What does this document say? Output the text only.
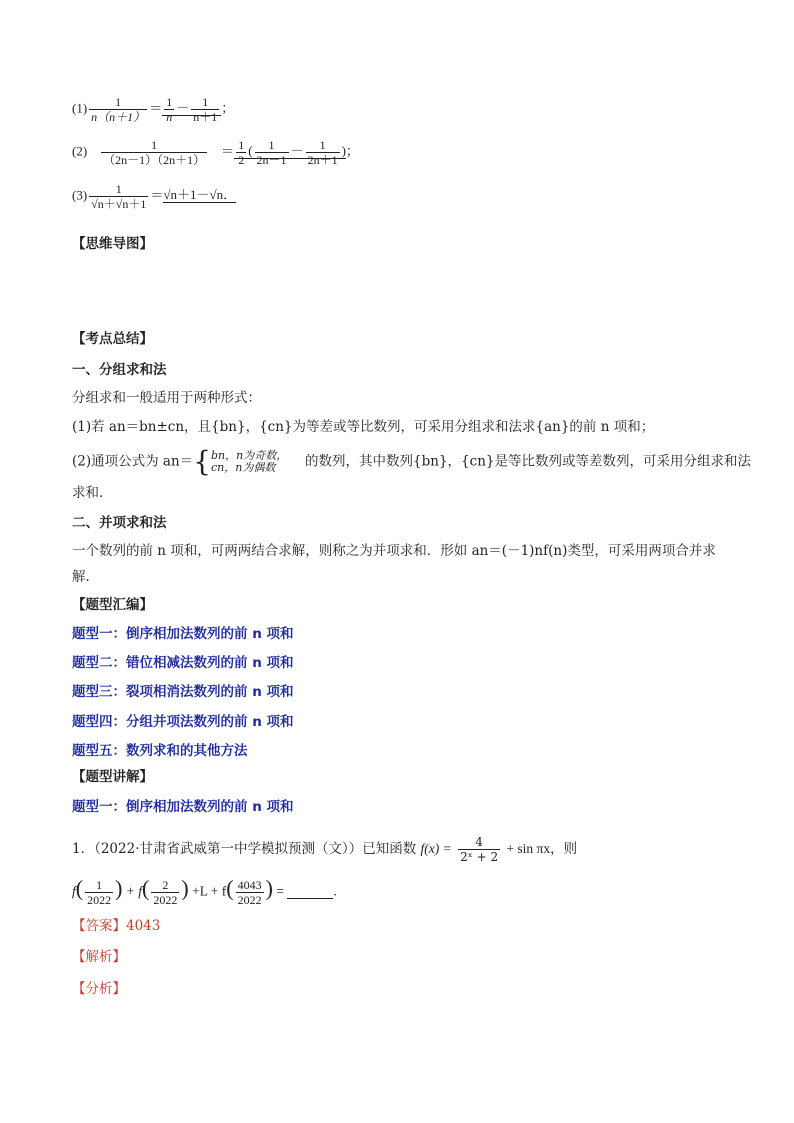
$(1) \frac{1}{n(n+1)} = \frac{1}{n} - \frac{1}{n+1}$ ；
$(2) \frac{1}{(2n-1)(2n+1)} = \frac{1}{2}$ ( $\frac{1}{2n-1} - \frac{1}{2n+1}$ )；
$(3) \frac{1}{√n+√n+1} =√n+1-√n$．
【思维导图】
【考点总结】
一、分组求和法
分组求和一般适用于两种形式：
(1)若 an＝bn±cn，且{bn}，{cn}为等差或等比数列，可采用分组求和法求{an}的前 n 项和；
(2)通项公式为 an＝{ bn，n为奇数，
cn，n为偶数	的数列，其中数列{bn}，{cn}是等比数列或等差数列，可采用分组求和法
求和．
二、并项求和法
一个数列的前 n 项和，可两两结合求解，则称之为并项求和．形如 an＝(－1)nf(n)类型，可采用两项合并求
解．
【题型汇编】
题型一：倒序相加法数列的前 n 项和
题型二：错位相减法数列的前 n 项和
题型三：裂项相消法数列的前 n 项和
题型四：分组并项法数列的前 n 项和
题型五：数列求和的其他方法
【题型讲解】
题型一：倒序相加法数列的前 n 项和
1．（2022·甘肃省武威第一中学模拟预测（文））已知函数 $f(x) = \frac{4}{\text{2ˣ + 2}} + \sin \pi x$，则
$f( \frac{1}{2022}$ ) + $f( \frac{2}{2022}$ ) $+L + f( \frac{4043}{2022}$ ) =	.
【答案】4043
【解析】
【分析】
